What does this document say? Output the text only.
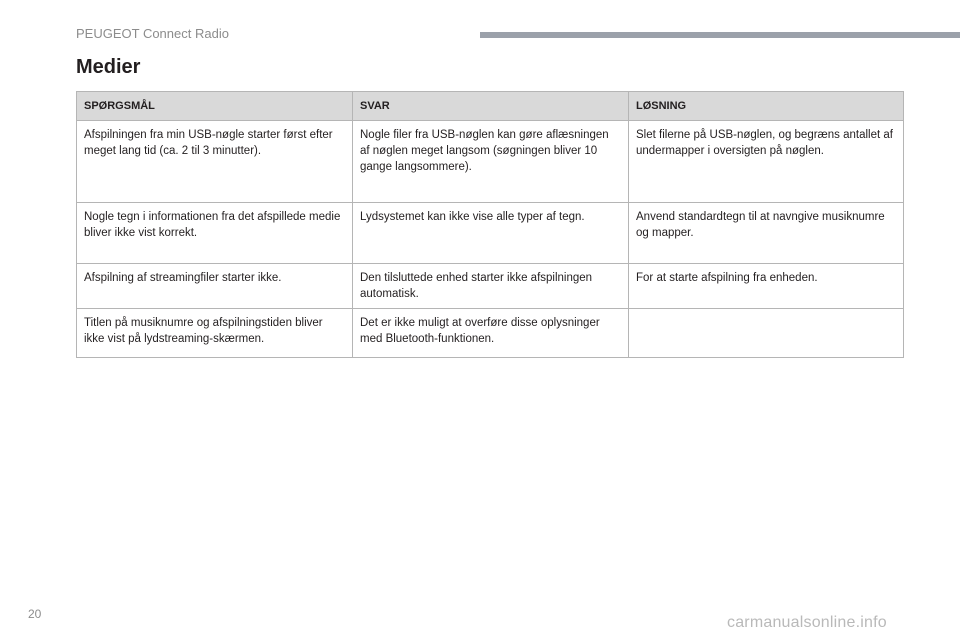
PEUGEOT Connect Radio
Medier
SPØRGSMÅL	SVAR	LØSNING
Afspilningen fra min USB-nøgle starter først efter meget lang tid (ca. 2 til 3 minutter).	Nogle filer fra USB-nøglen kan gøre aflæsningen af nøglen meget langsom (søgningen bliver 10 gange langsommere).	Slet filerne på USB-nøglen, og begræns antallet af undermapper i oversigten på nøglen.
Nogle tegn i informationen fra det afspillede medie bliver ikke vist korrekt.	Lydsystemet kan ikke vise alle typer af tegn.	Anvend standardtegn til at navngive musiknumre og mapper.
Afspilning af streamingfiler starter ikke.	Den tilsluttede enhed starter ikke afspilningen automatisk.	For at starte afspilning fra enheden.
Titlen på musiknumre og afspilningstiden bliver ikke vist på lydstreaming-skærmen.	Det er ikke muligt at overføre disse oplysninger med Bluetooth-funktionen.	
20	carmanualsonline.info
